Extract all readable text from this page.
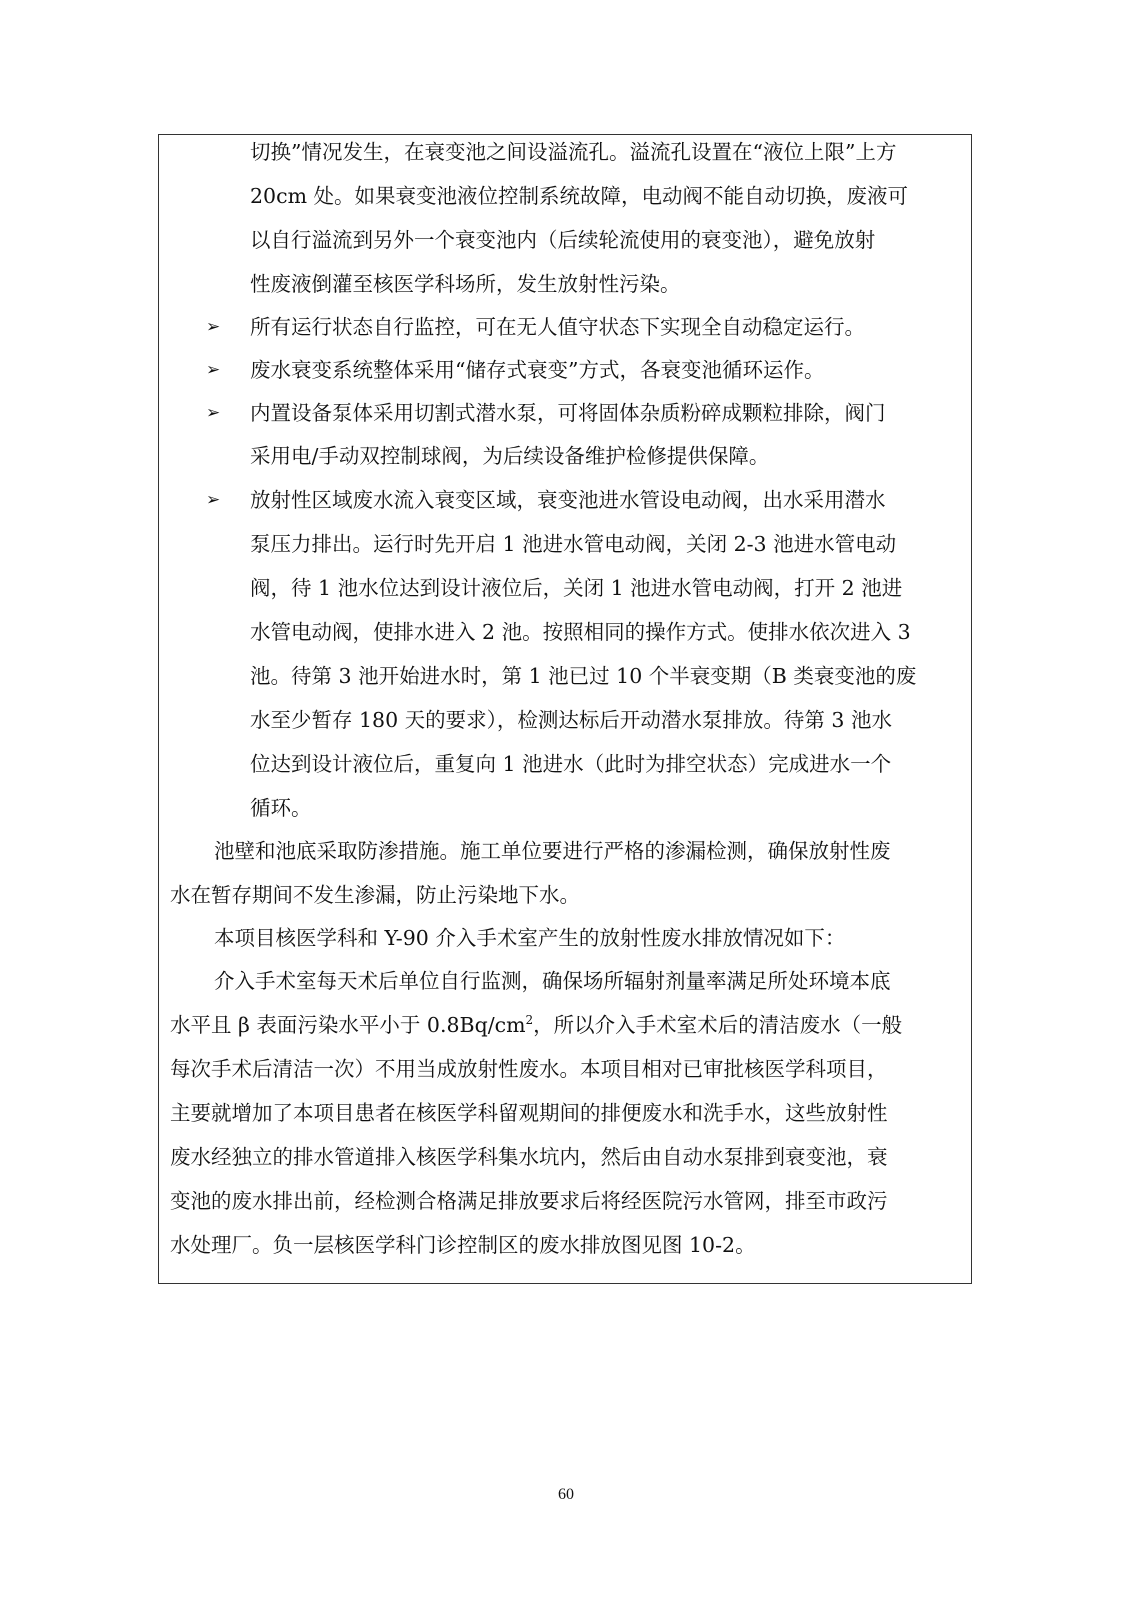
切换”情况发生，在衰变池之间设溢流孔。溢流孔设置在“液位上限”上方
20cm 处。如果衰变池液位控制系统故障，电动阀不能自动切换，废液可
以自行溢流到另外一个衰变池内（后续轮流使用的衰变池），避免放射
性废液倒灌至核医学科场所，发生放射性污染。
➢	所有运行状态自行监控，可在无人值守状态下实现全自动稳定运行。
➢	废水衰变系统整体采用“储存式衰变”方式，各衰变池循环运作。
➢	内置设备泵体采用切割式潜水泵，可将固体杂质粉碎成颗粒排除，阀门
采用电/手动双控制球阀，为后续设备维护检修提供保障。
➢	放射性区域废水流入衰变区域，衰变池进水管设电动阀，出水采用潜水
泵压力排出。运行时先开启 1 池进水管电动阀，关闭 2-3 池进水管电动
阀，待 1 池水位达到设计液位后，关闭 1 池进水管电动阀，打开 2 池进
水管电动阀，使排水进入 2 池。按照相同的操作方式。使排水依次进入 3
池。待第 3 池开始进水时，第 1 池已过 10 个半衰变期（B 类衰变池的废
水至少暂存 180 天的要求），检测达标后开动潜水泵排放。待第 3 池水
位达到设计液位后，重复向 1 池进水（此时为排空状态）完成进水一个
循环。
池壁和池底采取防渗措施。施工单位要进行严格的渗漏检测，确保放射性废
水在暂存期间不发生渗漏，防止污染地下水。
本项目核医学科和 Y-90 介入手术室产生的放射性废水排放情况如下：
介入手术室每天术后单位自行监测，确保场所辐射剂量率满足所处环境本底
水平且 β 表面污染水平小于 $0.8Bq/cm^2$，所以介入手术室术后的清洁废水（一般
每次手术后清洁一次）不用当成放射性废水。本项目相对已审批核医学科项目，
主要就增加了本项目患者在核医学科留观期间的排便废水和洗手水，这些放射性
废水经独立的排水管道排入核医学科集水坑内，然后由自动水泵排到衰变池，衰
变池的废水排出前，经检测合格满足排放要求后将经医院污水管网，排至市政污
水处理厂。负一层核医学科门诊控制区的废水排放图见图 10-2。
60
